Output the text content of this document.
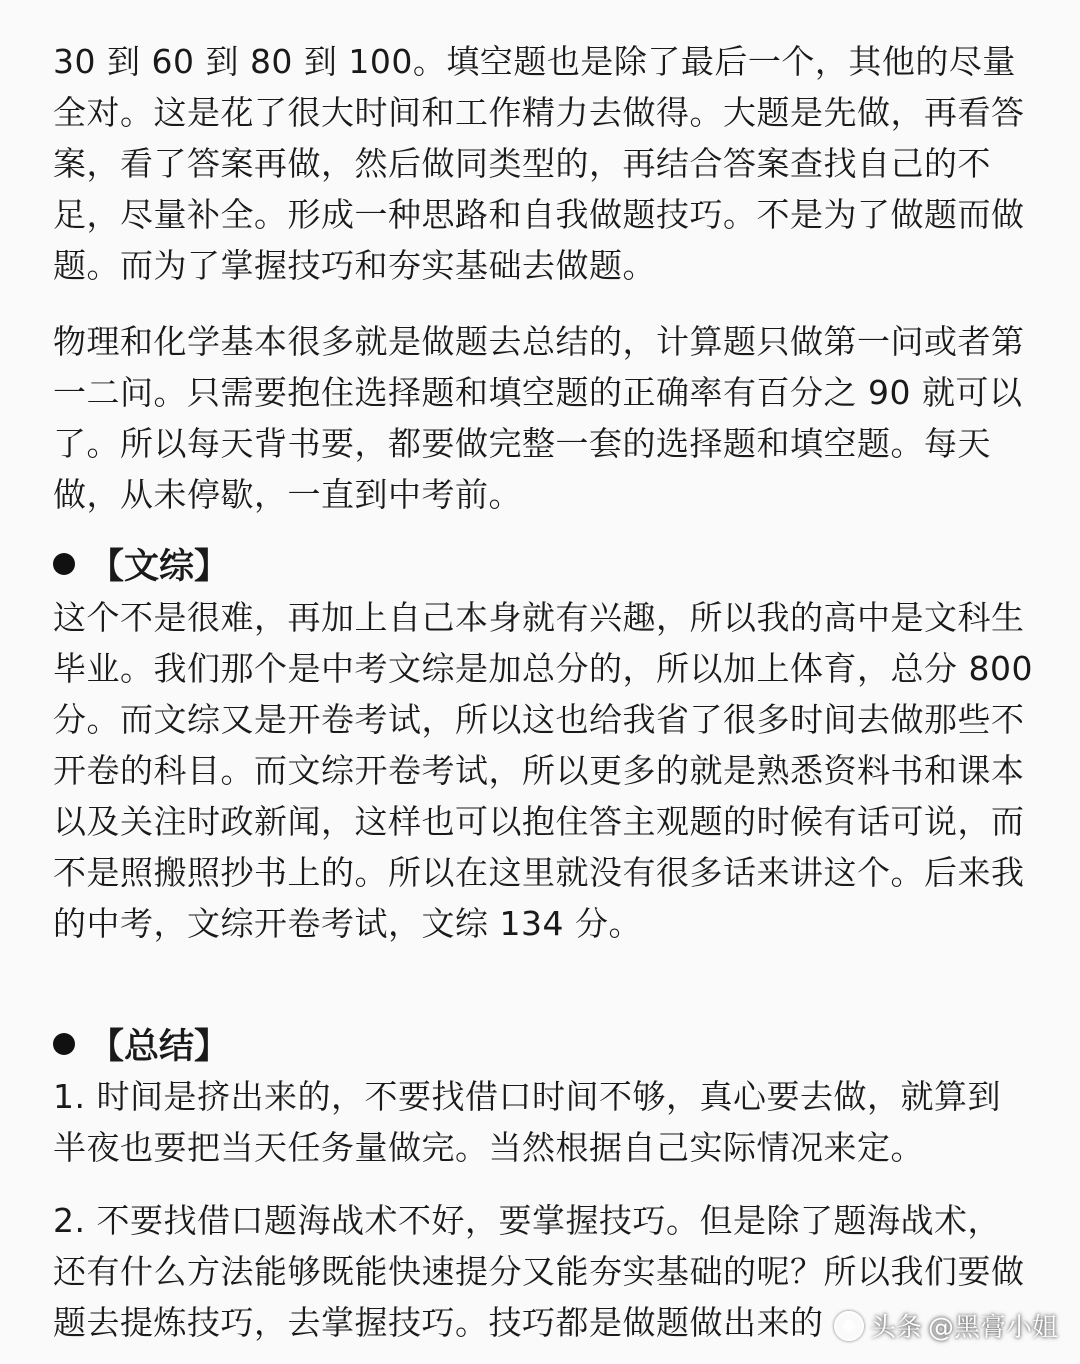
30 到 60 到 80 到 100。填空题也是除了最后一个，其他的尽量全对。这是花了很大时间和工作精力去做得。大题是先做，再看答案，看了答案再做，然后做同类型的，再结合答案查找自己的不足，尽量补全。形成一种思路和自我做题技巧。不是为了做题而做题。而为了掌握技巧和夯实基础去做题。

物理和化学基本很多就是做题去总结的，计算题只做第一问或者第一二问。只需要抱住选择题和填空题的正确率有百分之 90 就可以了。所以每天背书要，都要做完整一套的选择题和填空题。每天做，从未停歇，一直到中考前。

【文综】

这个不是很难，再加上自己本身就有兴趣，所以我的高中是文科生毕业。我们那个是中考文综是加总分的，所以加上体育，总分 800 分。而文综又是开卷考试，所以这也给我省了很多时间去做那些不开卷的科目。而文综开卷考试，所以更多的就是熟悉资料书和课本以及关注时政新闻，这样也可以抱住答主观题的时候有话可说，而不是照搬照抄书上的。所以在这里就没有很多话来讲这个。后来我的中考，文综开卷考试，文综 134 分。

【总结】

1. 时间是挤出来的，不要找借口时间不够，真心要去做，就算到半夜也要把当天任务量做完。当然根据自己实际情况来定。

2. 不要找借口题海战术不好，要掌握技巧。但是除了题海战术，还有什么方法能够既能快速提分又能夯实基础的呢？所以我们要做题去提炼技巧，去掌握技巧。技巧都是做题做出来的	头条 @黑膏小姐
